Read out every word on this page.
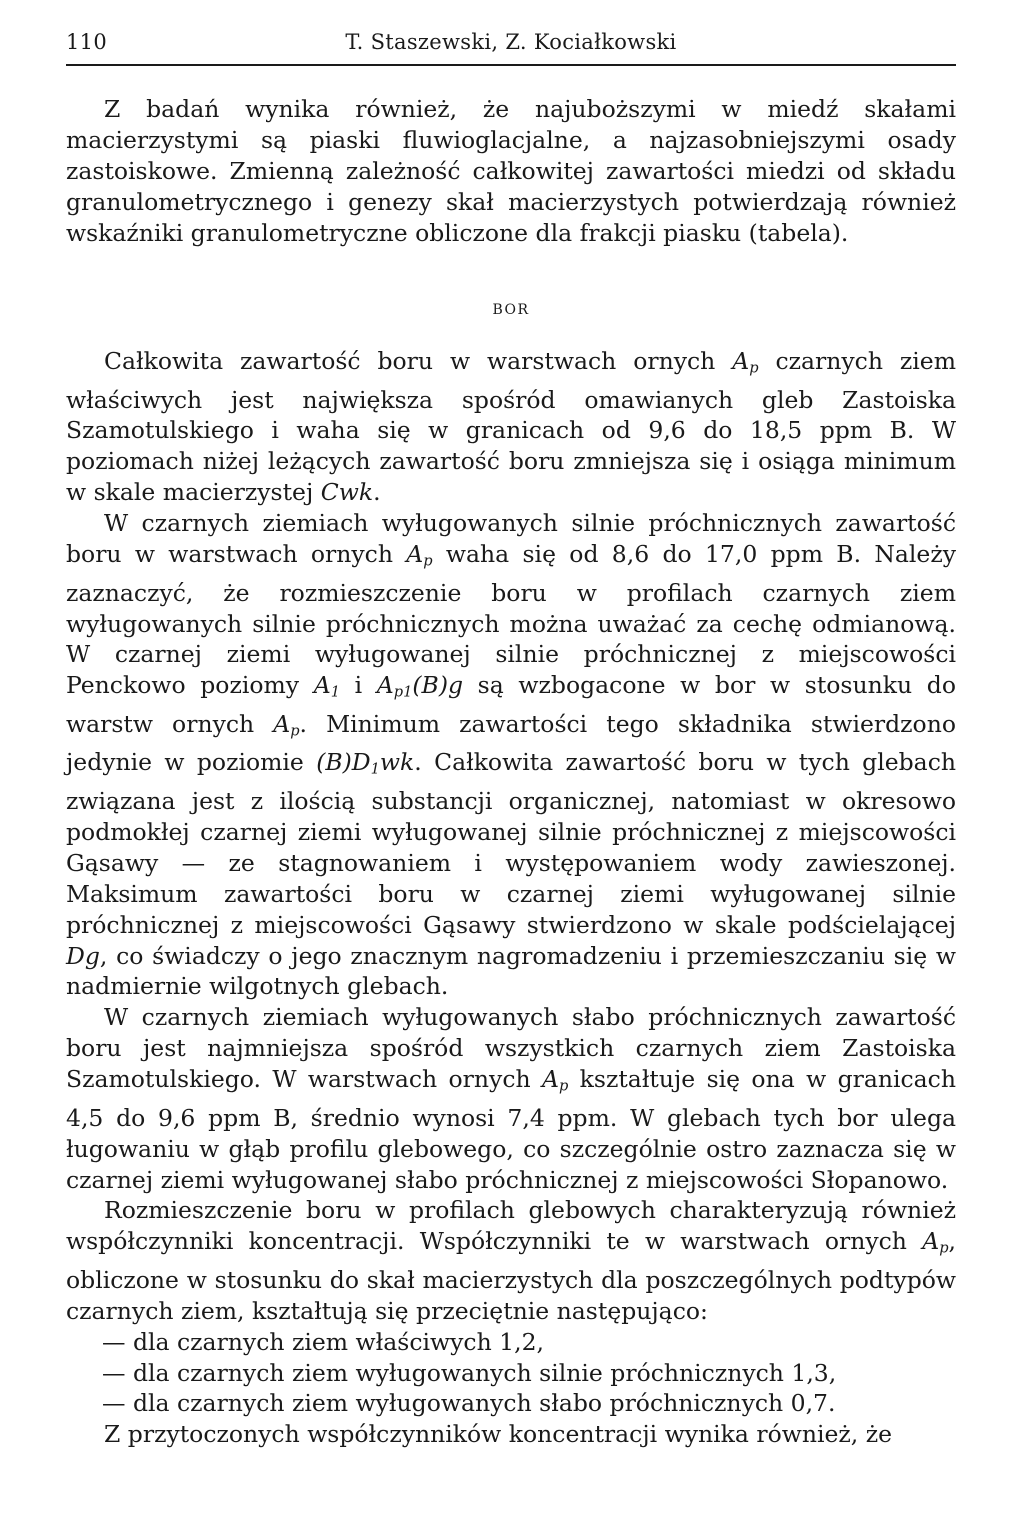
110	T. Staszewski, Z. Kociałkowski

Z badań wynika również, że najuboższymi w miedź skałami macierzystymi są piaski fluwioglacjalne, a najzasobniejszymi osady zastoiskowe. Zmienną zależność całkowitej zawartości miedzi od składu granulometrycznego i genezy skał macierzystych potwierdzają również wskaźniki granulometryczne obliczone dla frakcji piasku (tabela).

BOR

Całkowita zawartość boru w warstwach ornych $A_p$ czarnych ziem właściwych jest największa spośród omawianych gleb Zastoiska Szamotulskiego i waha się w granicach od 9,6 do 18,5 ppm B. W poziomach niżej leżących zawartość boru zmniejsza się i osiąga minimum w skale macierzystej Cwk.

W czarnych ziemiach wyługowanych silnie próchnicznych zawartość boru w warstwach ornych $A_p$ waha się od 8,6 do 17,0 ppm B. Należy zaznaczyć, że rozmieszczenie boru w profilach czarnych ziem wyługowanych silnie próchnicznych można uważać za cechę odmianową. W czarnej ziemi wyługowanej silnie próchnicznej z miejscowości Penckowo poziomy $A_1$ i $A_{p1}(B)g$ są wzbogacone w bor w stosunku do warstw ornych $A_p$. Minimum zawartości tego składnika stwierdzono jedynie w poziomie $(B)D_1wk$. Całkowita zawartość boru w tych glebach związana jest z ilością substancji organicznej, natomiast w okresowo podmokłej czarnej ziemi wyługowanej silnie próchnicznej z miejscowości Gąsawy — ze stagnowaniem i występowaniem wody zawieszonej. Maksimum zawartości boru w czarnej ziemi wyługowanej silnie próchnicznej z miejscowości Gąsawy stwierdzono w skale podścielającej Dg, co świadczy o jego znacznym nagromadzeniu i przemieszczaniu się w nadmiernie wilgotnych glebach.

W czarnych ziemiach wyługowanych słabo próchnicznych zawartość boru jest najmniejsza spośród wszystkich czarnych ziem Zastoiska Szamotulskiego. W warstwach ornych $A_p$ kształtuje się ona w granicach 4,5 do 9,6 ppm B, średnio wynosi 7,4 ppm. W glebach tych bor ulega ługowaniu w głąb profilu glebowego, co szczególnie ostro zaznacza się w czarnej ziemi wyługowanej słabo próchnicznej z miejscowości Słopanowo.

Rozmieszczenie boru w profilach glebowych charakteryzują również współczynniki koncentracji. Współczynniki te w warstwach ornych $A_p$, obliczone w stosunku do skał macierzystych dla poszczególnych podtypów czarnych ziem, kształtują się przeciętnie następująco:

— dla czarnych ziem właściwych 1,2,
— dla czarnych ziem wyługowanych silnie próchnicznych 1,3,
— dla czarnych ziem wyługowanych słabo próchnicznych 0,7.

Z przytoczonych współczynników koncentracji wynika również, że
